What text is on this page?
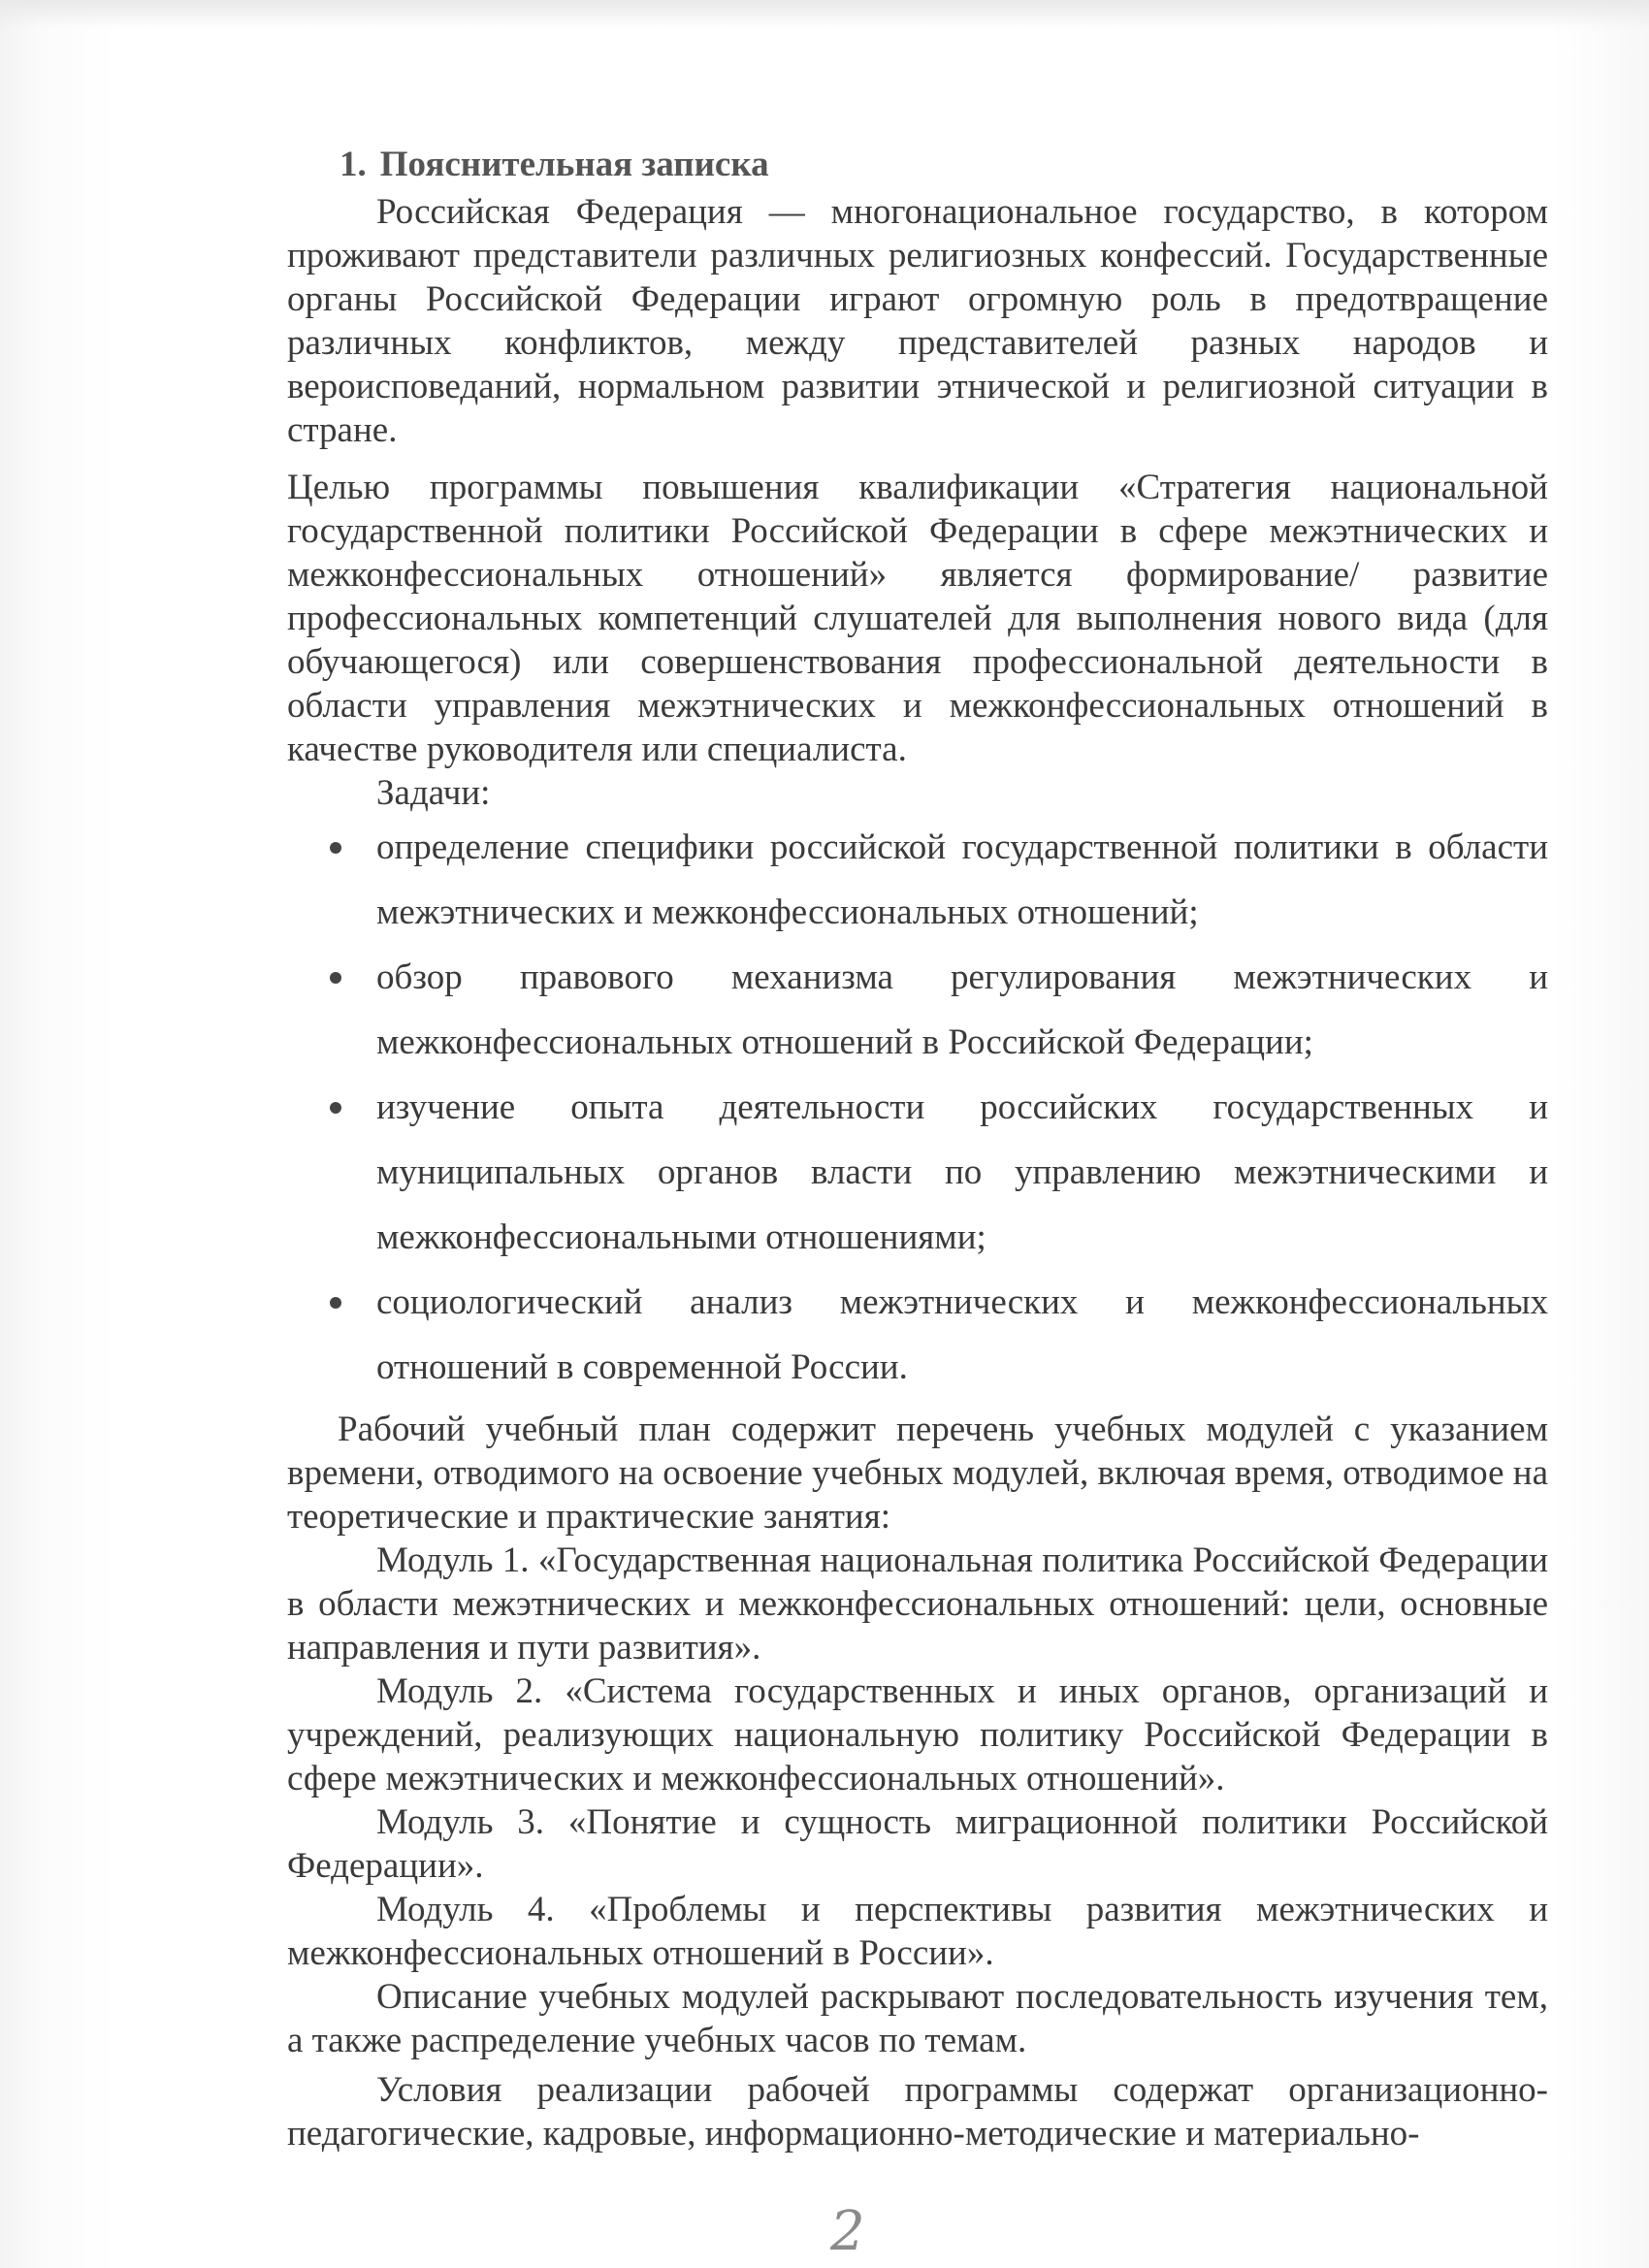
1. Пояснительная записка

Российская Федерация — многонациональное государство, в котором проживают представители различных религиозных конфессий. Государственные органы Российской Федерации играют огромную роль в предотвращение различных конфликтов, между представителей разных народов и вероисповеданий, нормальном развитии этнической и религиозной ситуации в стране.

Целью программы повышения квалификации «Стратегия национальной государственной политики Российской Федерации в сфере межэтнических и межконфессиональных отношений» является формирование/ развитие профессиональных компетенций слушателей для выполнения нового вида (для обучающегося) или совершенствования профессиональной деятельности в области управления межэтнических и межконфессиональных отношений в качестве руководителя или специалиста.

Задачи:

определение специфики российской государственной политики в области межэтнических и межконфессиональных отношений;
обзор правового механизма регулирования межэтнических и межконфессиональных отношений в Российской Федерации;
изучение опыта деятельности российских государственных и муниципальных органов власти по управлению межэтническими и межконфессиональными отношениями;
социологический анализ межэтнических и межконфессиональных отношений в современной России.

Рабочий учебный план содержит перечень учебных модулей с указанием времени, отводимого на освоение учебных модулей, включая время, отводимое на теоретические и практические занятия:

Модуль 1. «Государственная национальная политика Российской Федерации в области межэтнических и межконфессиональных отношений: цели, основные направления и пути развития».

Модуль 2. «Система государственных и иных органов, организаций и учреждений, реализующих национальную политику Российской Федерации в сфере межэтнических и межконфессиональных отношений».

Модуль 3. «Понятие и сущность миграционной политики Российской Федерации».

Модуль 4. «Проблемы и перспективы развития межэтнических и межконфессиональных отношений в России».

Описание учебных модулей раскрывают последовательность изучения тем, а также распределение учебных часов по темам.

Условия реализации рабочей программы содержат организационно-педагогические, кадровые, информационно-методические и материально-

2
